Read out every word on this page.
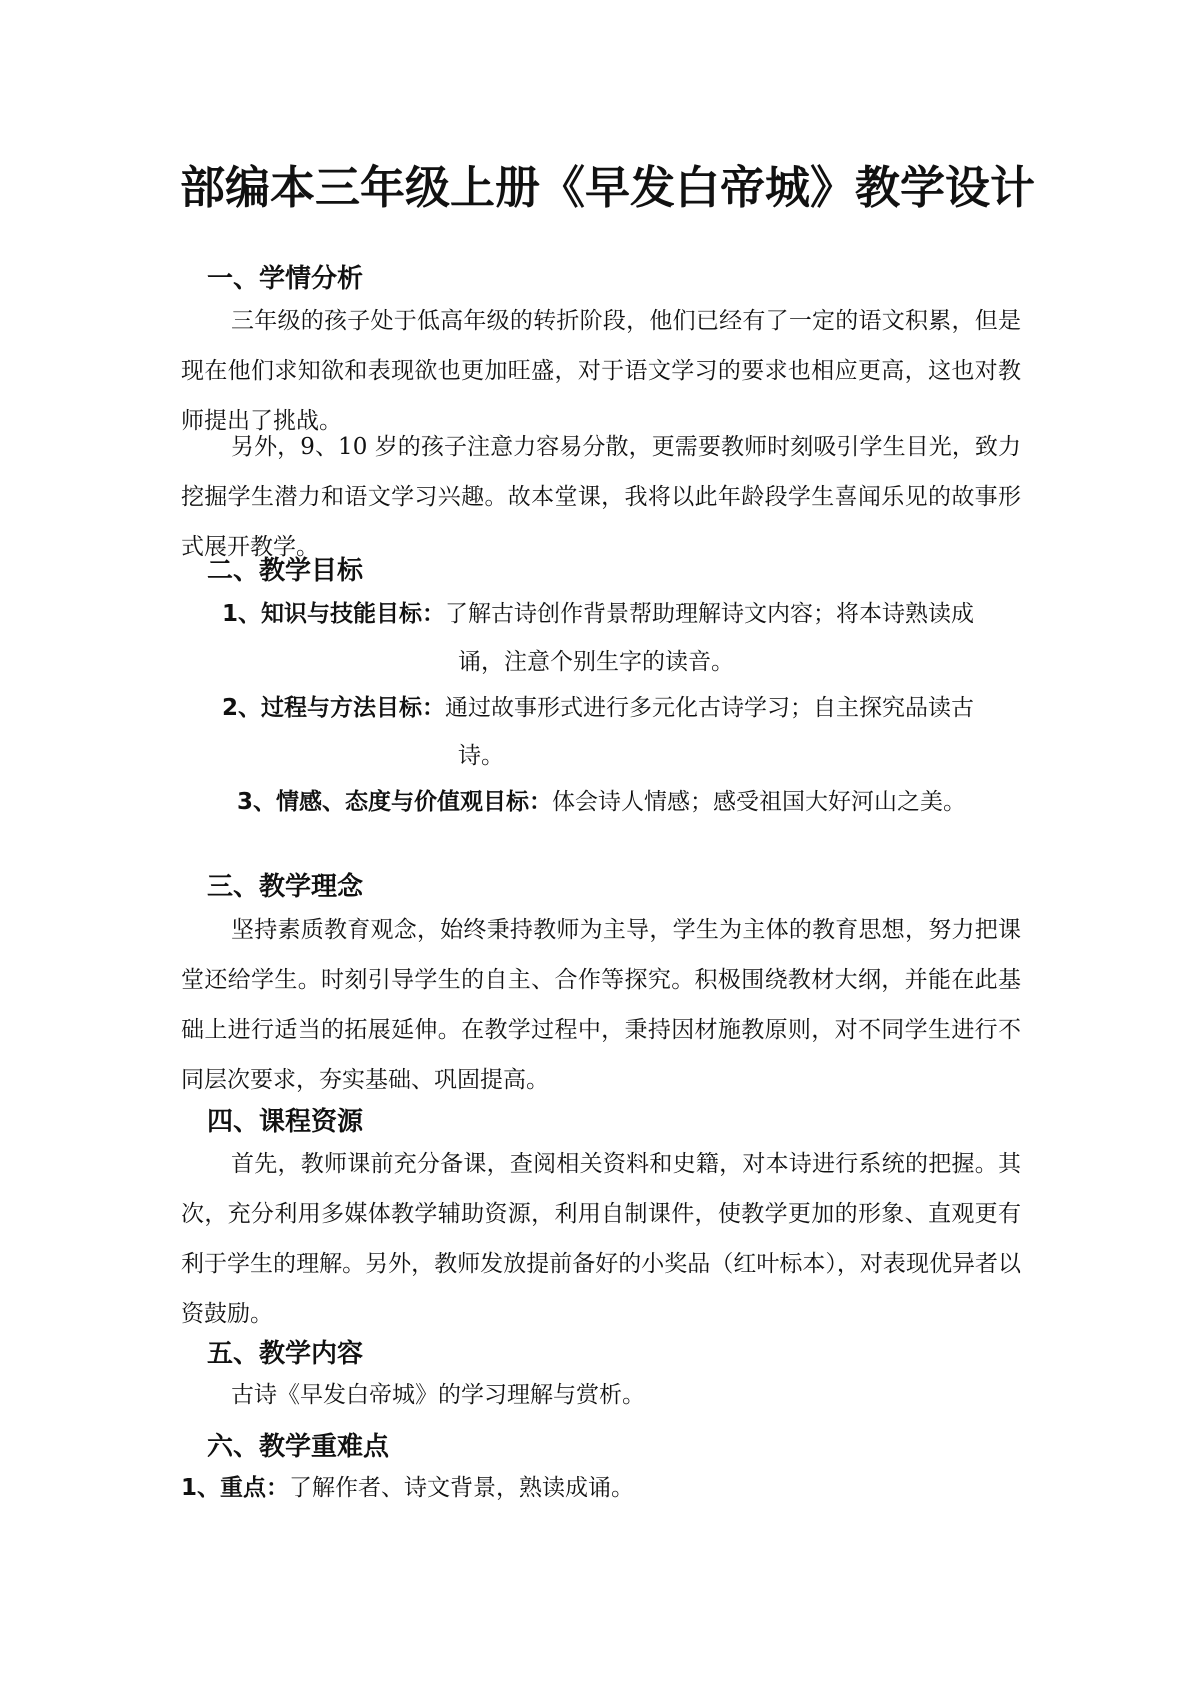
部编本三年级上册《早发白帝城》教学设计
一、学情分析

三年级的孩子处于低高年级的转折阶段，他们已经有了一定的语文积累，但是现在他们求知欲和表现欲也更加旺盛，对于语文学习的要求也相应更高，这也对教师提出了挑战。

另外，9、10 岁的孩子注意力容易分散，更需要教师时刻吸引学生目光，致力挖掘学生潜力和语文学习兴趣。故本堂课，我将以此年龄段学生喜闻乐见的故事形式展开教学。

二、教学目标
1、知识与技能目标：了解古诗创作背景帮助理解诗文内容；将本诗熟读成
诵，注意个别生字的读音。
2、过程与方法目标：通过故事形式进行多元化古诗学习；自主探究品读古
诗。
3、情感、态度与价值观目标：体会诗人情感；感受祖国大好河山之美。
三、教学理念

坚持素质教育观念，始终秉持教师为主导，学生为主体的教育思想，努力把课堂还给学生。时刻引导学生的自主、合作等探究。积极围绕教材大纲，并能在此基础上进行适当的拓展延伸。在教学过程中，秉持因材施教原则，对不同学生进行不同层次要求，夯实基础、巩固提高。

四、课程资源

首先，教师课前充分备课，查阅相关资料和史籍，对本诗进行系统的把握。其次，充分利用多媒体教学辅助资源，利用自制课件，使教学更加的形象、直观更有利于学生的理解。另外，教师发放提前备好的小奖品（红叶标本），对表现优异者以资鼓励。

五、教学内容

古诗《早发白帝城》的学习理解与赏析。

六、教学重难点
1、重点：了解作者、诗文背景，熟读成诵。
